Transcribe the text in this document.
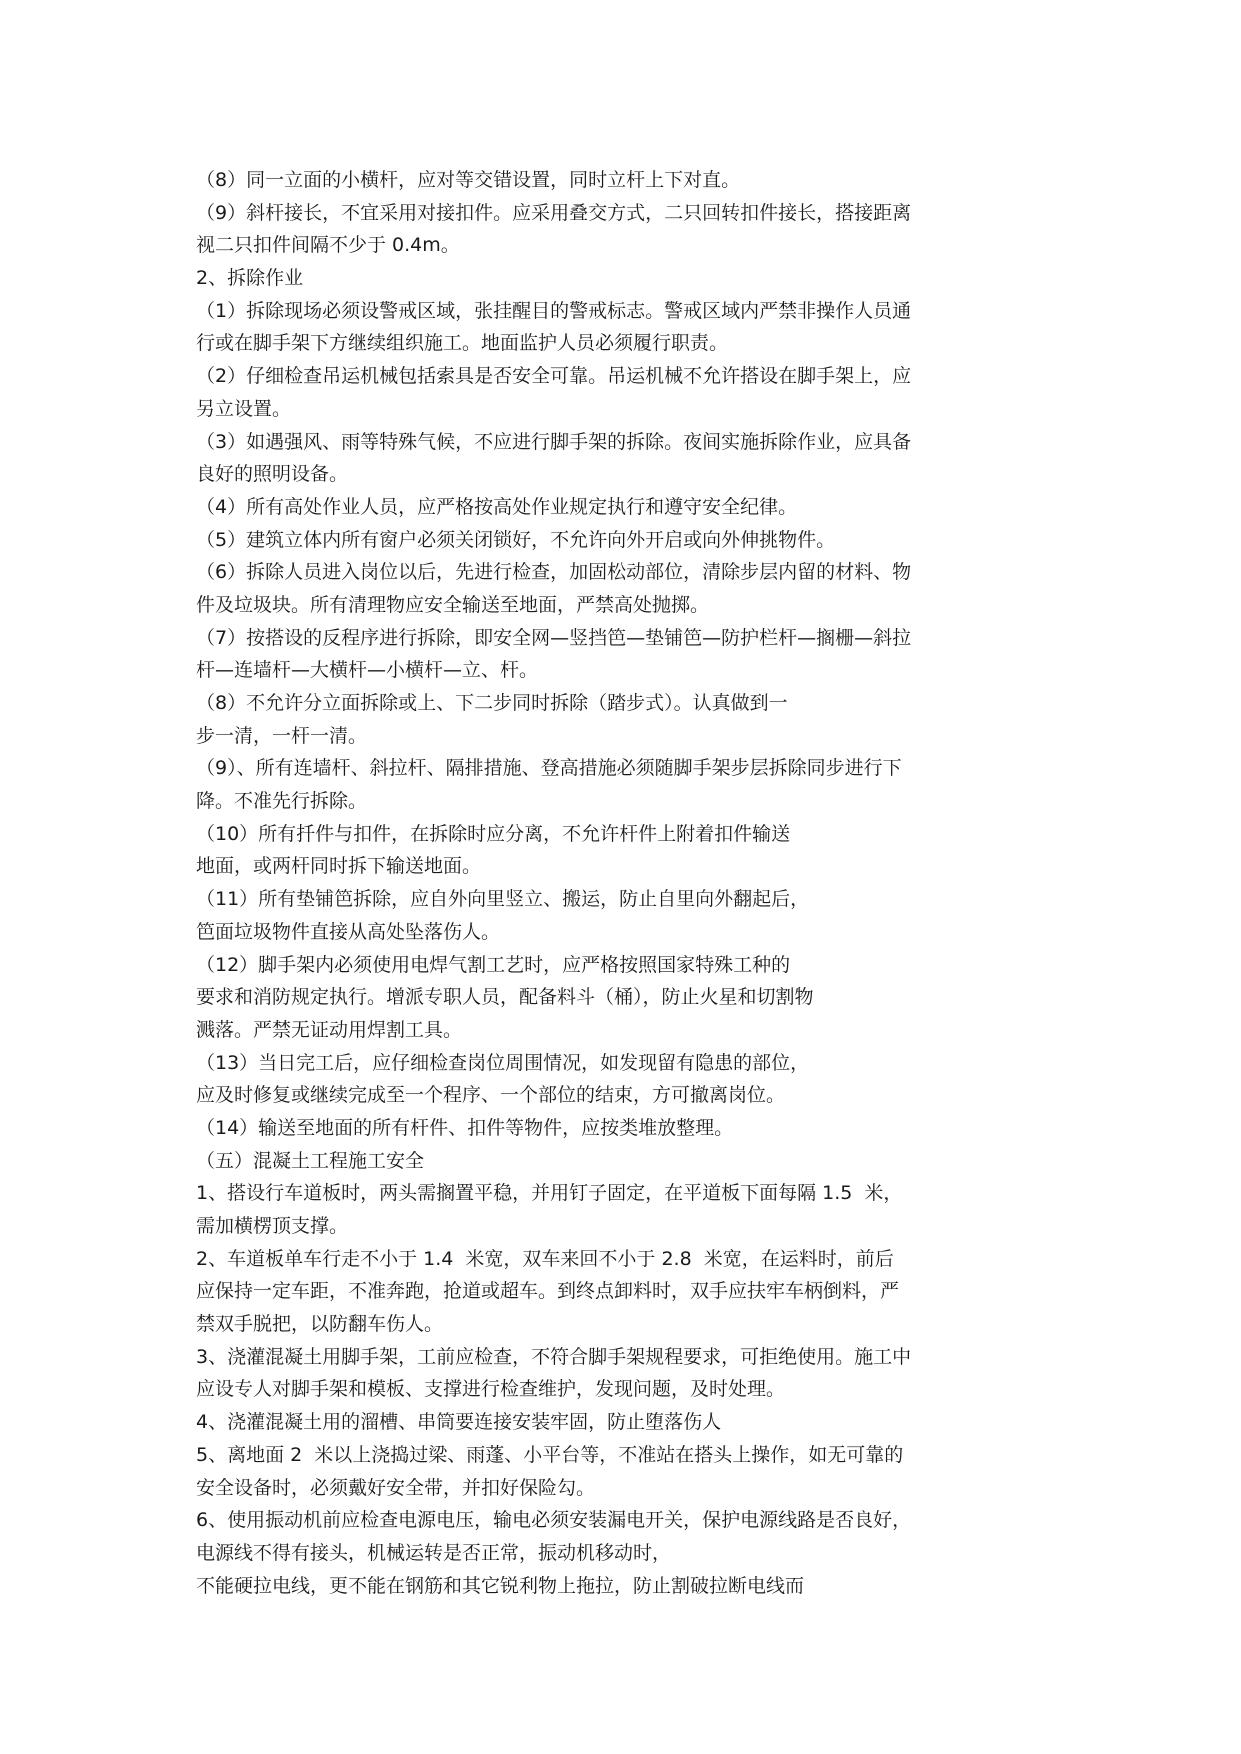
（8）同一立面的小横杆，应对等交错设置，同时立杆上下对直。
（9）斜杆接长，不宜采用对接扣件。应采用叠交方式，二只回转扣件接长，搭接距离
视二只扣件间隔不少于 0.4m。
2、拆除作业
（1）拆除现场必须设警戒区域，张挂醒目的警戒标志。警戒区域内严禁非操作人员通
行或在脚手架下方继续组织施工。地面监护人员必须履行职责。
（2）仔细检查吊运机械包括索具是否安全可靠。吊运机械不允许搭设在脚手架上，应
另立设置。
（3）如遇强风、雨等特殊气候，不应进行脚手架的拆除。夜间实施拆除作业，应具备
良好的照明设备。
（4）所有高处作业人员，应严格按高处作业规定执行和遵守安全纪律。
（5）建筑立体内所有窗户必须关闭锁好，不允许向外开启或向外伸挑物件。
（6）拆除人员进入岗位以后，先进行检查，加固松动部位，清除步层内留的材料、物
件及垃圾块。所有清理物应安全输送至地面，严禁高处抛掷。
（7）按搭设的反程序进行拆除，即安全网—竖挡笆—垫铺笆—防护栏杆—搁栅—斜拉
杆—连墙杆—大横杆—小横杆—立、杆。
（8）不允许分立面拆除或上、下二步同时拆除（踏步式）。认真做到一
步一清，一杆一清。
（9）、所有连墙杆、斜拉杆、隔排措施、登高措施必须随脚手架步层拆除同步进行下
降。不准先行拆除。
（10）所有扦件与扣件，在拆除时应分离，不允许杆件上附着扣件输送
地面，或两杆同时拆下输送地面。
（11）所有垫铺笆拆除，应自外向里竖立、搬运，防止自里向外翻起后，
笆面垃圾物件直接从高处坠落伤人。
（12）脚手架内必须使用电焊气割工艺时，应严格按照国家特殊工种的
要求和消防规定执行。增派专职人员，配备料斗（桶），防止火星和切割物
溅落。严禁无证动用焊割工具。
（13）当日完工后，应仔细检查岗位周围情况，如发现留有隐患的部位，
应及时修复或继续完成至一个程序、一个部位的结束，方可撤离岗位。
（14）输送至地面的所有杆件、扣件等物件，应按类堆放整理。
（五）混凝土工程施工安全
1、搭设行车道板时，两头需搁置平稳，并用钉子固定，在平道板下面每隔 1.5  米，
需加横楞顶支撑。
2、车道板单车行走不小于 1.4  米宽，双车来回不小于 2.8  米宽，在运料时，前后
应保持一定车距，不准奔跑，抢道或超车。到终点卸料时，双手应扶牢车柄倒料，严
禁双手脱把，以防翻车伤人。
3、浇灌混凝土用脚手架，工前应检查，不符合脚手架规程要求，可拒绝使用。施工中
应设专人对脚手架和模板、支撑进行检查维护，发现问题，及时处理。
4、浇灌混凝土用的溜槽、串筒要连接安装牢固，防止堕落伤人
5、离地面 2  米以上浇捣过梁、雨蓬、小平台等，不准站在搭头上操作，如无可靠的
安全设备时，必须戴好安全带，并扣好保险勾。
6、使用振动机前应检查电源电压，输电必须安装漏电开关，保护电源线路是否良好，
电源线不得有接头，机械运转是否正常，振动机移动时，
不能硬拉电线，更不能在钢筋和其它锐利物上拖拉，防止割破拉断电线而
